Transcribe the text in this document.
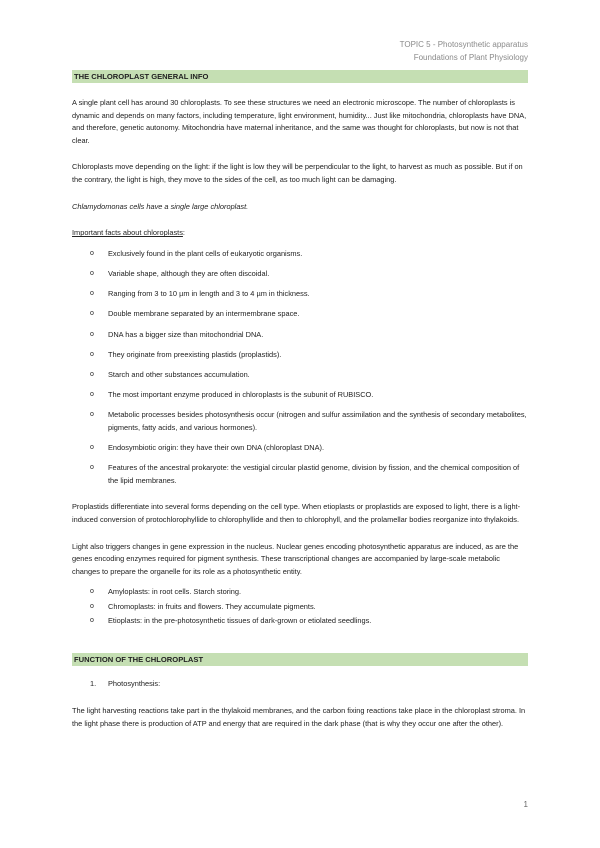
TOPIC 5 - Photosynthetic apparatus
Foundations of Plant Physiology
THE CHLOROPLAST GENERAL INFO

A single plant cell has around 30 chloroplasts. To see these structures we need an electronic microscope. The number of chloroplasts is dynamic and depends on many factors, including temperature, light environment, humidity... Just like mitochondria, chloroplasts have DNA, and therefore, genetic autonomy. Mitochondria have maternal inheritance, and the same was thought for chloroplasts, but now is not that clear.

Chloroplasts move depending on the light: if the light is low they will be perpendicular to the light, to harvest as much as possible. But if on the contrary, the light is high, they move to the sides of the cell, as too much light can be damaging.

Chlamydomonas cells have a single large chloroplast.

Important facts about chloroplasts:

o Exclusively found in the plant cells of eukaryotic organisms.
o Variable shape, although they are often discoidal.
o Ranging from 3 to 10 µm in length and 3 to 4 µm in thickness.
o Double membrane separated by an intermembrane space.
o DNA has a bigger size than mitochondrial DNA.
o They originate from preexisting plastids (proplastids).
o Starch and other substances accumulation.
o The most important enzyme produced in chloroplasts is the subunit of RUBISCO.
o Metabolic processes besides photosynthesis occur (nitrogen and sulfur assimilation and the synthesis of secondary metabolites, pigments, fatty acids, and various hormones).
o Endosymbiotic origin: they have their own DNA (chloroplast DNA).
o Features of the ancestral prokaryote: the vestigial circular plastid genome, division by fission, and the chemical composition of the lipid membranes.

Proplastids differentiate into several forms depending on the cell type. When etioplasts or proplastids are exposed to light, there is a light-induced conversion of protochlorophyllide to chlorophyllide and then to chlorophyll, and the prolamellar bodies reorganize into thylakoids.

Light also triggers changes in gene expression in the nucleus. Nuclear genes encoding photosynthetic apparatus are induced, as are the genes encoding enzymes required for pigment synthesis. These transcriptional changes are accompanied by large-scale metabolic changes to prepare the organelle for its role as a photosynthetic entity.

o Amyloplasts: in root cells. Starch storing.
o Chromoplasts: in fruits and flowers. They accumulate pigments.
o Etioplasts: in the pre-photosynthetic tissues of dark-grown or etiolated seedlings.
FUNCTION OF THE CHLOROPLAST
1. Photosynthesis:

The light harvesting reactions take part in the thylakoid membranes, and the carbon fixing reactions take place in the chloroplast stroma. In the light phase there is production of ATP and energy that are required in the dark phase (that is why they occur one after the other).

1
